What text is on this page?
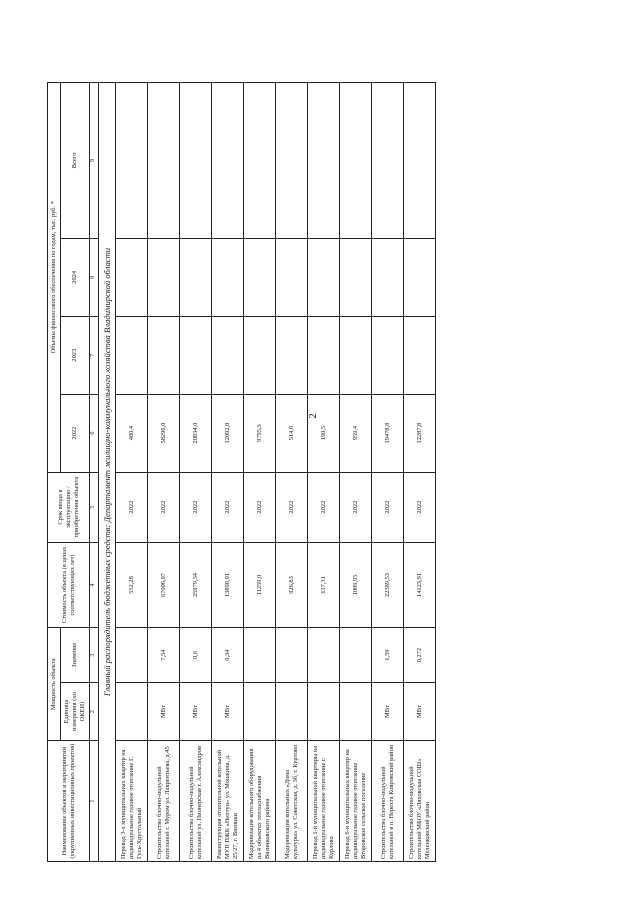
2
Наименование объектов и мероприятий (укрупненных инвестиционных проектов)	Мощность объекта		Стоимость объекта (в ценах соответствующих лет)	Срок ввода в эксплуатацию / приобретения объекта	Объемы финансового обеспечения по годам, тыс. руб. *			
	Единица измерения (по ОКЕИ)	Значение			2022	2023	2024	Всего
1	2	3	4	5	6	7	8	9
Главный распорядитель бюджетных средств: Департамент жилищно-коммунального хозяйства Владимирской области								
Перевод 3-х муниципальных квартир на индивидуальное газовое отопление Г. Гусь-Хрустальный			552,28	2022	480,4			
Строительство блочно-модульной котельной г. Муром ул. Лаврентьева, д.45	МВт	7,54	67006,97	2022	58296,0			
Строительство блочно-модульной котельной ул. Пионерская г. Александров	МВт	0,6	25979,34	2022	20834,0			
Реконструкция отопительной котельной МУП ПЖК «Нептун» ул. Мошкина, д. 25/27, г. Вязники	МВт	0,34	13898,91	2022	12092,0			
Модернизация котельного оборудования на 4 объектах теплоснабжения Вязниковского района			11259,0	2022	9795,3			
Модернизация котельных «Дома культуры» ул. Советская, д. 3б, г. Курлово			926,83	2022	514,6			
Перевод 1-й муниципальной квартиры на индивидуальное газовое отопление г. Курлово			137,31	2022	190,5			
Перевод 6-и муниципальных квартир на индивидуальное газовое отопление Второвское сельское поселение			1009,95	2022	959,4			
Строительство блочно-модульной котельной в п. Нерехта Ковровский район	МВт	1,59	22389,53	2022	19478,8			
Строительство блочно-модульной котельной МБОУ «Ляховская СОШ» Меленковский район	МВт	0,272	14123,91	2022	12287,8			
